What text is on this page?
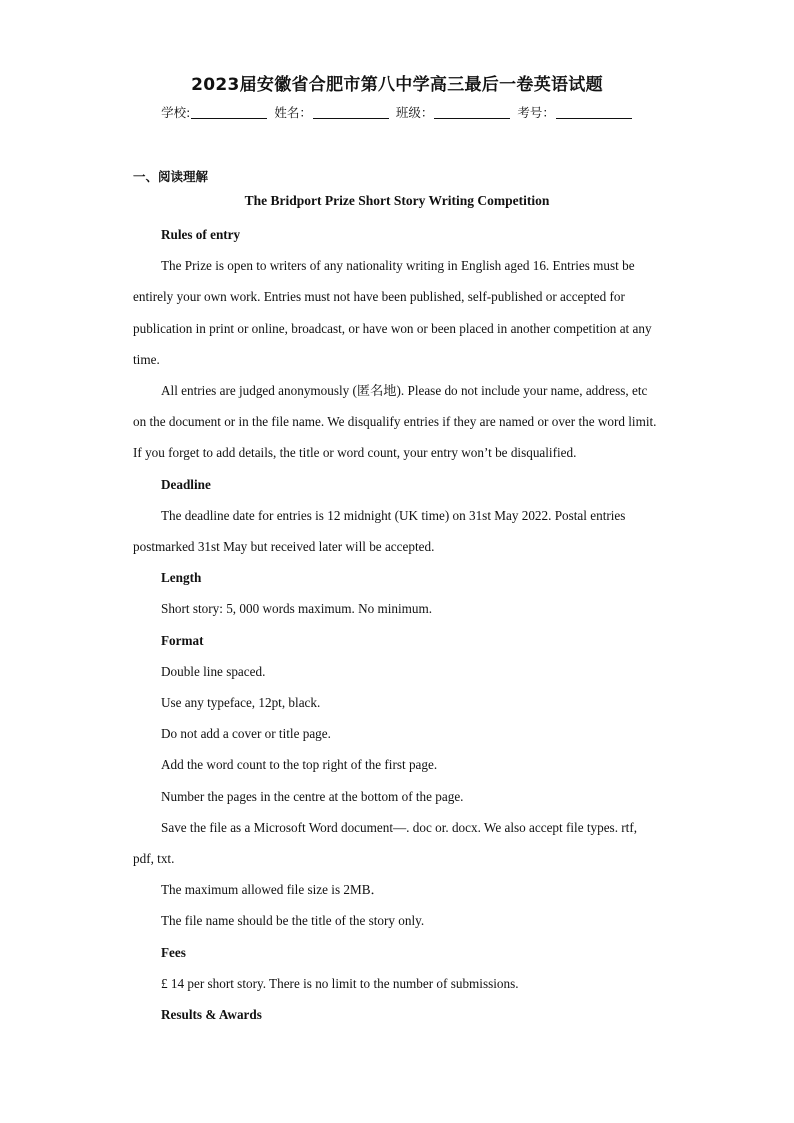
2023届安徽省合肥市第八中学高三最后一卷英语试题
学校:	姓名：	班级：	考号：
一、阅读理解
The Bridport Prize Short Story Writing Competition

Rules of entry

The Prize is open to writers of any nationality writing in English aged 16. Entries must be entirely your own work. Entries must not have been published, self-published or accepted for publication in print or online, broadcast, or have won or been placed in another competition at any time.

All entries are judged anonymously (匿名地). Please do not include your name, address, etc on the document or in the file name. We disqualify entries if they are named or over the word limit. If you forget to add details, the title or word count, your entry won’t be disqualified.

Deadline

The deadline date for entries is 12 midnight (UK time) on 31st May 2022. Postal entries postmarked 31st May but received later will be accepted.

Length

Short story: 5, 000 words maximum. No minimum.

Format

Double line spaced.

Use any typeface, 12pt, black.

Do not add a cover or title page.

Add the word count to the top right of the first page.

Number the pages in the centre at the bottom of the page.

Save the file as a Microsoft Word document—. doc or. docx. We also accept file types. rtf, pdf, txt.

The maximum allowed file size is 2MB．

The file name should be the title of the story only.

Fees

£ 14 per short story. There is no limit to the number of submissions.

Results & Awards
